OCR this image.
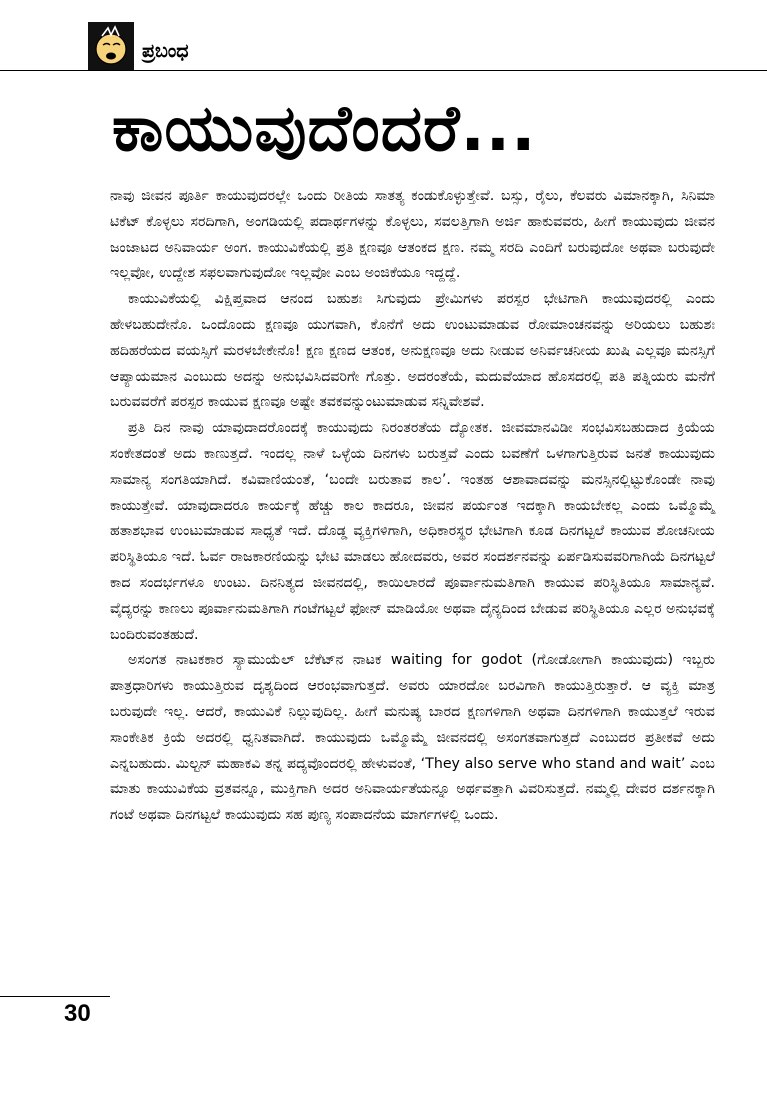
ಪ್ರಬಂಧ
ಕಾಯುವುದೆಂದರೆ...

ನಾವು ಜೀವನ ಪೂರ್ತಿ ಕಾಯುವುದರಲ್ಲೇ ಒಂದು ರೀತಿಯ ಸಾತತ್ಯ ಕಂಡುಕೊಳ್ಳುತ್ತೇವೆ. ಬಸ್ಸು, ರೈಲು, ಕೆಲವರು ವಿಮಾನಕ್ಕಾಗಿ, ಸಿನಿಮಾ ಟಿಕೆಟ್ ಕೊಳ್ಳಲು ಸರದಿಗಾಗಿ, ಅಂಗಡಿಯಲ್ಲಿ ಪದಾರ್ಥಗಳನ್ನು ಕೊಳ್ಳಲು, ಸವಲತ್ತಿಗಾಗಿ ಅರ್ಜಿ ಹಾಕುವವರು, ಹೀಗೆ ಕಾಯುವುದು ಜೀವನ ಜಂಜಾಟದ ಅನಿವಾರ್ಯ ಅಂಗ. ಕಾಯುವಿಕೆಯಲ್ಲಿ ಪ್ರತಿ ಕ್ಷಣವೂ ಆತಂಕದ ಕ್ಷಣ. ನಮ್ಮ ಸರದಿ ಎಂದಿಗೆ ಬರುವುದೋ ಅಥವಾ ಬರುವುದೇ ಇಲ್ಲವೋ, ಉದ್ದೇಶ ಸಫಲವಾಗುವುದೋ ಇಲ್ಲವೋ ಎಂಬ ಅಂಜಿಕೆಯೂ ಇದ್ದದ್ದೆ.

ಕಾಯುವಿಕೆಯಲ್ಲಿ ವಿಕ್ಷಿಪ್ತವಾದ ಆನಂದ ಬಹುಶಃ ಸಿಗುವುದು ಪ್ರೇಮಿಗಳು ಪರಸ್ಪರ ಭೇಟಿಗಾಗಿ ಕಾಯುವುದರಲ್ಲಿ ಎಂದು ಹೇಳಬಹುದೇನೊ. ಒಂದೊಂದು ಕ್ಷಣವೂ ಯುಗವಾಗಿ, ಕೊನೆಗೆ ಅದು ಉಂಟುಮಾಡುವ ರೋಮಾಂಚನವನ್ನು ಅರಿಯಲು ಬಹುಶಃ ಹದಿಹರೆಯದ ವಯಸ್ಸಿಗೆ ಮರಳಬೇಕೇನೊ! ಕ್ಷಣ ಕ್ಷಣದ ಆತಂಕ, ಅನುಕ್ಷಣವೂ ಅದು ನೀಡುವ ಅನಿರ್ವಚನೀಯ ಖುಷಿ ಎಲ್ಲವೂ ಮನಸ್ಸಿಗೆ ಆಪ್ಯಾಯಮಾನ ಎಂಬುದು ಅದನ್ನು ಅನುಭವಿಸಿದವರಿಗೇ ಗೊತ್ತು. ಅದರಂತೆಯೆ, ಮದುವೆಯಾದ ಹೊಸದರಲ್ಲಿ ಪತಿ ಪತ್ನಿಯರು ಮನೆಗೆ ಬರುವವರೆಗೆ ಪರಸ್ಪರ ಕಾಯುವ ಕ್ಷಣವೂ ಅಷ್ಟೇ ತವಕವನ್ನುಂಟುಮಾಡುವ ಸನ್ನಿವೇಶವೆ.

ಪ್ರತಿ ದಿನ ನಾವು ಯಾವುದಾದರೊಂದಕ್ಕೆ ಕಾಯುವುದು ನಿರಂತರತೆಯ ದ್ಯೋತಕ. ಜೀವಮಾನವಿಡೀ ಸಂಭವಿಸಬಹುದಾದ ಕ್ರಿಯೆಯ ಸಂಕೇತದಂತೆ ಅದು ಕಾಣುತ್ತದೆ. ಇಂದಲ್ಲ ನಾಳೆ ಒಳ್ಳೆಯ ದಿನಗಳು ಬರುತ್ತವೆ ಎಂದು ಬವಣೆಗೆ ಒಳಗಾಗುತ್ತಿರುವ ಜನತೆ ಕಾಯುವುದು ಸಾಮಾನ್ಯ ಸಂಗತಿಯಾಗಿದೆ. ಕವಿವಾಣಿಯಂತೆ, ‘ಬಂದೇ ಬರುತಾವ ಕಾಲ’. ಇಂತಹ ಆಶಾವಾದವನ್ನು ಮನಸ್ಸಿನಲ್ಲಿಟ್ಟುಕೊಂಡೇ ನಾವು ಕಾಯುತ್ತೇವೆ. ಯಾವುದಾದರೂ ಕಾರ್ಯಕ್ಕೆ ಹೆಚ್ಚು ಕಾಲ ಕಾದರೂ, ಜೀವನ ಪರ್ಯಂತ ಇದಕ್ಕಾಗಿ ಕಾಯಬೇಕಲ್ಲ ಎಂದು ಒಮ್ಮೊಮ್ಮೆ ಹತಾಶಭಾವ ಉಂಟುಮಾಡುವ ಸಾಧ್ಯತೆ ಇದೆ. ದೊಡ್ಡ ವ್ಯಕ್ತಿಗಳಿಗಾಗಿ, ಅಧಿಕಾರಸ್ಥರ ಭೇಟಿಗಾಗಿ ಕೂಡ ದಿನಗಟ್ಟಲೆ ಕಾಯುವ ಶೋಚನೀಯ ಪರಿಸ್ಥಿತಿಯೂ ಇದೆ. ಓರ್ವ ರಾಜಕಾರಣಿಯನ್ನು ಭೇಟಿ ಮಾಡಲು ಹೋದವರು, ಅವರ ಸಂದರ್ಶನವನ್ನು ಏರ್ಪಡಿಸುವವರಿಗಾಗಿಯೆ ದಿನಗಟ್ಟಲೆ ಕಾದ ಸಂದರ್ಭಗಳೂ ಉಂಟು. ದಿನನಿತ್ಯದ ಜೀವನದಲ್ಲಿ, ಕಾಯಿಲಾರದೆ ಪೂರ್ವಾನುಮತಿಗಾಗಿ ಕಾಯುವ ಪರಿಸ್ಥಿತಿಯೂ ಸಾಮಾನ್ಯವೆ. ವೈದ್ಯರನ್ನು ಕಾಣಲು ಪೂರ್ವಾನುಮತಿಗಾಗಿ ಗಂಟೆಗಟ್ಟಲೆ ಫೋನ್ ಮಾಡಿಯೋ ಅಥವಾ ದೈನ್ಯದಿಂದ ಬೇಡುವ ಪರಿಸ್ಥಿತಿಯೂ ಎಲ್ಲರ ಅನುಭವಕ್ಕೆ ಬಂದಿರುವಂತಹುದೆ.

ಅಸಂಗತ ನಾಟಕಕಾರ ಸ್ಯಾಮುಯೆಲ್ ಬೆಕೆಟ್‌ನ ನಾಟಕ waiting for godot (ಗೋಡೋಗಾಗಿ ಕಾಯುವುದು) ಇಬ್ಬರು ಪಾತ್ರಧಾರಿಗಳು ಕಾಯುತ್ತಿರುವ ದೃಶ್ಯದಿಂದ ಆರಂಭವಾಗುತ್ತದೆ. ಅವರು ಯಾರದೋ ಬರವಿಗಾಗಿ ಕಾಯುತ್ತಿರುತ್ತಾರೆ. ಆ ವ್ಯಕ್ತಿ ಮಾತ್ರ ಬರುವುದೇ ಇಲ್ಲ. ಆದರೆ, ಕಾಯುವಿಕೆ ನಿಲ್ಲುವುದಿಲ್ಲ. ಹೀಗೆ ಮನುಷ್ಯ ಬಾರದ ಕ್ಷಣಗಳಿಗಾಗಿ ಅಥವಾ ದಿನಗಳಿಗಾಗಿ ಕಾಯುತ್ತಲೆ ಇರುವ ಸಾಂಕೇತಿಕ ಕ್ರಿಯೆ ಅದರಲ್ಲಿ ಧ್ವನಿತವಾಗಿದೆ. ಕಾಯುವುದು ಒಮ್ಮೊಮ್ಮೆ ಜೀವನದಲ್ಲಿ ಅಸಂಗತವಾಗುತ್ತದೆ ಎಂಬುದರ ಪ್ರತೀಕವೆ ಅದು ಎನ್ನಬಹುದು. ಮಿಲ್ಟನ್ ಮಹಾಕವಿ ತನ್ನ ಪದ್ಯವೊಂದರಲ್ಲಿ ಹೇಳುವಂತೆ, ‘They also serve who stand and wait’ ಎಂಬ ಮಾತು ಕಾಯುವಿಕೆಯ ವ್ರತವನ್ನೂ, ಮುಕ್ತಿಗಾಗಿ ಅದರ ಅನಿವಾರ್ಯತೆಯನ್ನೂ ಅರ್ಥವತ್ತಾಗಿ ವಿವರಿಸುತ್ತದೆ. ನಮ್ಮಲ್ಲಿ ದೇವರ ದರ್ಶನಕ್ಕಾಗಿ ಗಂಟೆ ಅಥವಾ ದಿನಗಟ್ಟಲೆ ಕಾಯುವುದು ಸಹ ಪುಣ್ಯ ಸಂಪಾದನೆಯ ಮಾರ್ಗಗಳಲ್ಲಿ ಒಂದು.

30
